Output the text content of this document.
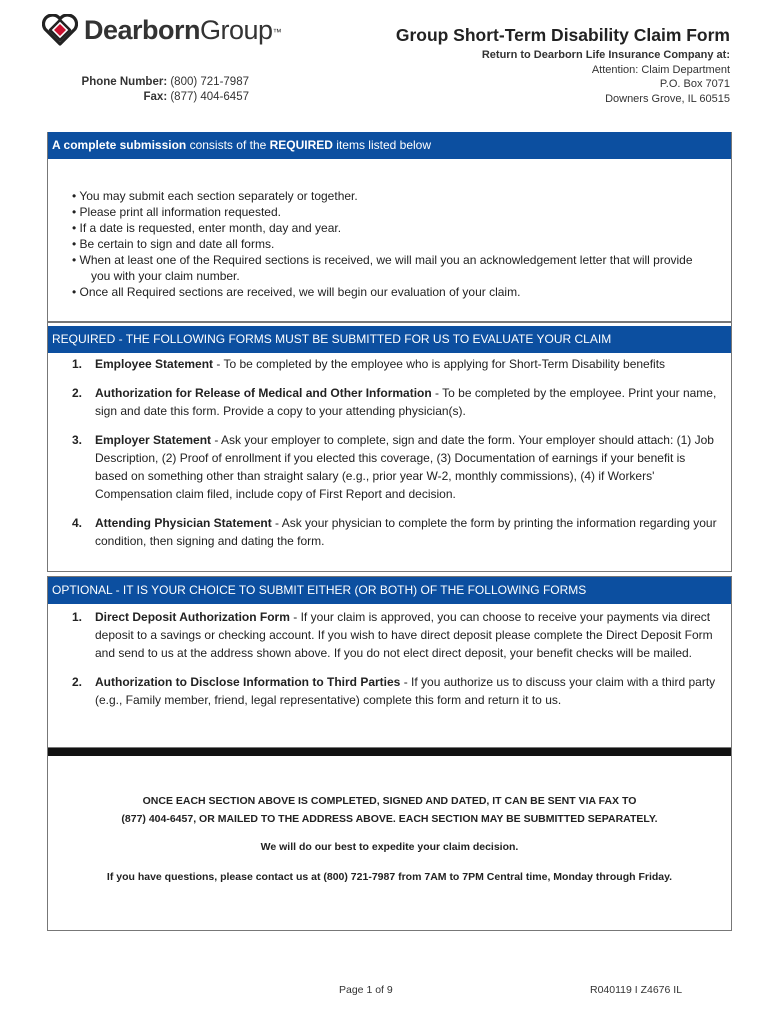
DearbornGroup™
Phone Number: (800) 721-7987
Fax: (877) 404-6457
Group Short-Term Disability Claim Form
Return to Dearborn Life Insurance Company at:
Attention: Claim Department
P.O. Box 7071
Downers Grove, IL 60515
A complete submission consists of the REQUIRED items listed below
• You may submit each section separately or together.
• Please print all information requested.
• If a date is requested, enter month, day and year.
• Be certain to sign and date all forms.
• When at least one of the Required sections is received, we will mail you an acknowledgement letter that will provide
you with your claim number.
• Once all Required sections are received, we will begin our evaluation of your claim.
REQUIRED - THE FOLLOWING FORMS MUST BE SUBMITTED FOR US TO EVALUATE YOUR CLAIM
1. Employee Statement - To be completed by the employee who is applying for Short-Term Disability benefits
2. Authorization for Release of Medical and Other Information - To be completed by the employee. Print your name, sign and date this form. Provide a copy to your attending physician(s).
3. Employer Statement - Ask your employer to complete, sign and date the form. Your employer should attach: (1) Job Description, (2) Proof of enrollment if you elected this coverage, (3) Documentation of earnings if your benefit is based on something other than straight salary (e.g., prior year W-2, monthly commissions), (4) if Workers' Compensation claim filed, include copy of First Report and decision.
4. Attending Physician Statement - Ask your physician to complete the form by printing the information regarding your condition, then signing and dating the form.
OPTIONAL - IT IS YOUR CHOICE TO SUBMIT EITHER (OR BOTH) OF THE FOLLOWING FORMS
1. Direct Deposit Authorization Form - If your claim is approved, you can choose to receive your payments via direct deposit to a savings or checking account. If you wish to have direct deposit please complete the Direct Deposit Form and send to us at the address shown above. If you do not elect direct deposit, your benefit checks will be mailed.
2. Authorization to Disclose Information to Third Parties - If you authorize us to discuss your claim with a third party (e.g., Family member, friend, legal representative) complete this form and return it to us.
ONCE EACH SECTION ABOVE IS COMPLETED, SIGNED AND DATED, IT CAN BE SENT VIA FAX TO
(877) 404-6457, OR MAILED TO THE ADDRESS ABOVE. EACH SECTION MAY BE SUBMITTED SEPARATELY.
We will do our best to expedite your claim decision.
If you have questions, please contact us at (800) 721-7987 from 7AM to 7PM Central time, Monday through Friday.
Page 1 of 9	R040119 I Z4676 IL
